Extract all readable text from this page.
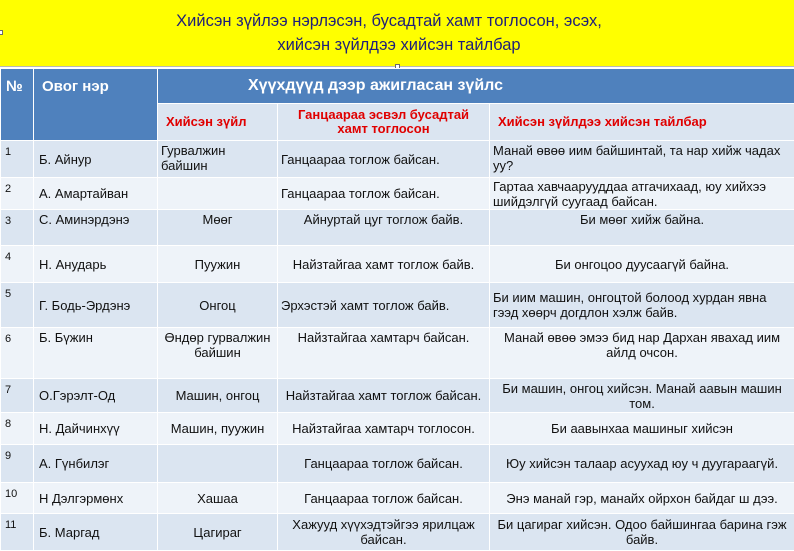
Хийсэн зүйлээ нэрлэсэн, бусадтай хамт тоглосон, эсэх,
хийсэн зүйлдээ хийсэн тайлбар
№	Овог нэр	Хүүхдүүд дээр ажигласан зүйлс		
		Хийсэн зүйл	Ганцаараа эсвэл бусадтай хамт тоглосон	Хийсэн зүйлдээ хийсэн тайлбар
1	Б. Айнур	Гурвалжин байшин	Ганцаараа тоглож байсан.	Манай өвөө иим байшинтай, та нар хийж чадах уу?
2	А. Амартайван		Ганцаараа тоглож байсан.	Гартаа хавчаарууддаа атгачихаад, юу хийхээ шийдэлгүй суугаад байсан.
3	С. Аминэрдэнэ	Мөөг	Айнуртай цуг тоглож байв.	Би мөөг хийж байна.
4	Н. Анударь	Пуужин	Найзтайгаа хамт тоглож байв.	Би онгоцоо дуусаагүй байна.
5	Г. Бодь-Эрдэнэ	Онгоц	Эрхэстэй хамт тоглож байв.	Би иим машин, онгоцтой болоод хурдан явна гээд хөөрч догдлон хэлж байв.
6	Б. Бүжин	Өндөр гурвалжин байшин	Найзтайгаа хамтарч байсан.	Манай өвөө эмээ бид нар Дархан явахад иим айлд очсон.
7	О.Гэрэлт-Од	Машин, онгоц	Найзтайгаа хамт тоглож байсан.	Би машин, онгоц хийсэн. Манай аавын машин том.
8	Н. Дайчинхүү	Машин, пуужин	Найзтайгаа хамтарч тоглосон.	Би аавынхаа машиныг хийсэн
9	А. Гүнбилэг		Ганцаараа тоглож байсан.	Юу хийсэн талаар асуухад юу ч дуугараагүй.
10	Н Дэлгэрмөнх	Хашаа	Ганцаараа тоглож байсан.	Энэ манай гэр, манайх ойрхон байдаг ш дээ.
11	Б. Маргад	Цагираг	Хажууд хүүхэдтэйгээ ярилцаж байсан.	Би цагираг хийсэн. Одоо байшингаа барина гэж байв.
